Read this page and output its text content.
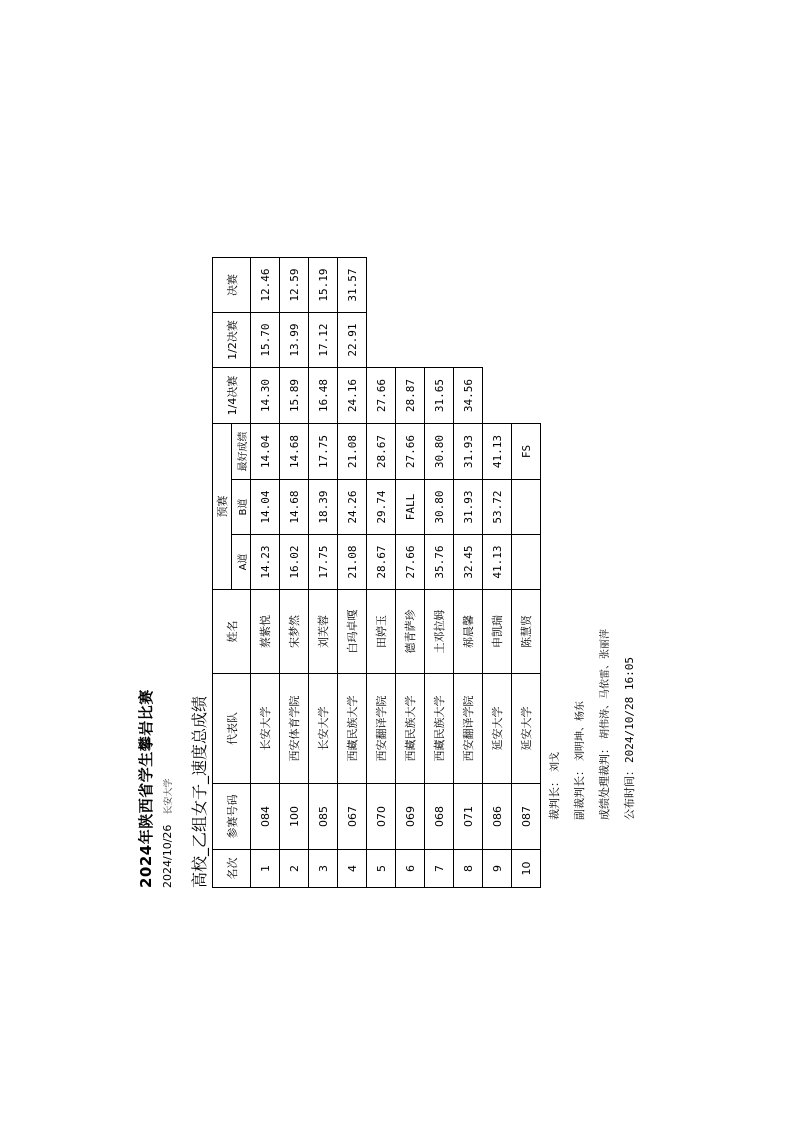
2024年陕西省学生攀岩比赛 2024/10/26长安大学 高校_乙组女子_速度总成绩 名次	参赛号码	代表队	姓名	预赛			1/4决赛	1/2决赛	决赛
				A道	B道	最好成绩			
1	084	长安大学	蔡紫悦	14.23	14.04	14.04	14.30	15.70	12.46
2	100	西安体育学院	宋梦然	16.02	14.68	14.68	15.89	13.99	12.59
3	085	长安大学	刘芙蓉	17.75	18.39	17.75	16.48	17.12	15.19
4	067	西藏民族大学	白玛卓嘎	21.08	24.26	21.08	24.16	22.91	31.57
5	070	西安翻译学院	田婷玉	28.67	29.74	28.67	27.66		
6	069	西藏民族大学	德青萨珍	27.66	FALL	27.66	28.87		
7	068	西藏民族大学	土邓拉姆	35.76	30.80	30.80	31.65		
8	071	西安翻译学院	郝晨馨	32.45	31.93	31.93	34.56		
9	086	延安大学	申凯瑞	41.13	53.72	41.13			
10	087	延安大学	陈慧贤			FS			
裁判长：刘戈
副裁判长：刘明坤、杨东
成绩处理裁判：胡伟涛、马依雷、张丽萍
公布时间：2024/10/28 16:05
